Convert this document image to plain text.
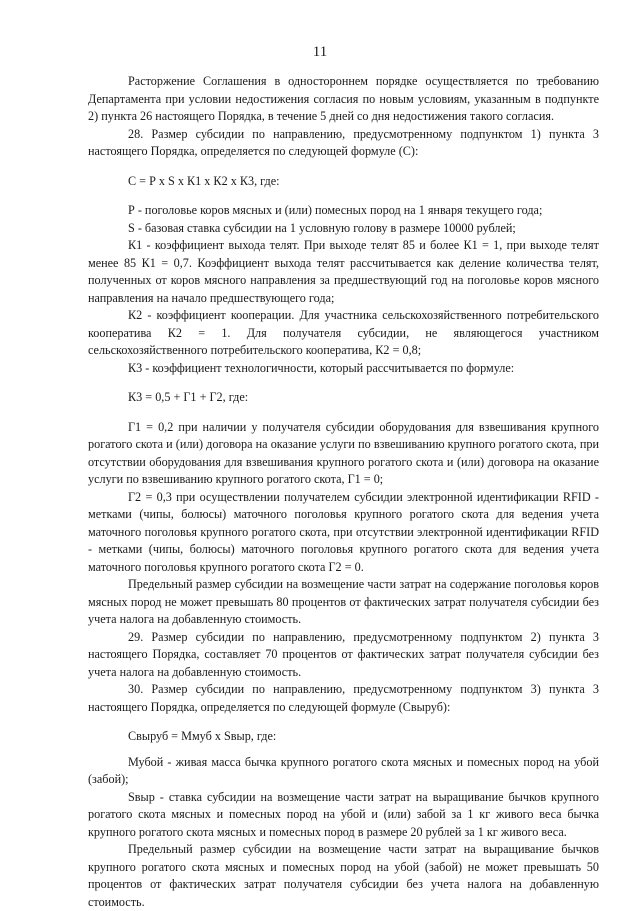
11

Расторжение Соглашения в одностороннем порядке осуществляется по требованию Департамента при условии недостижения согласия по новым условиям, указанным в подпункте 2) пункта 26 настоящего Порядка, в течение 5 дней со дня недостижения такого согласия.

28. Размер субсидии по направлению, предусмотренному подпунктом 1) пункта 3 настоящего Порядка, определяется по следующей формуле (С):

С = Р х S х К1 х К2 х К3, где:

Р - поголовье коров мясных и (или) помесных пород на 1 января текущего года;

S - базовая ставка субсидии на 1 условную голову в размере 10000 рублей;

К1 - коэффициент выхода телят. При выходе телят 85 и более К1 = 1, при выходе телят менее 85 К1 = 0,7. Коэффициент выхода телят рассчитывается как деление количества телят, полученных от коров мясного направления за предшествующий год на поголовье коров мясного направления на начало предшествующего года;

К2 - коэффициент кооперации. Для участника сельскохозяйственного потребительского кооператива К2 = 1. Для получателя субсидии, не являющегося участником сельскохозяйственного потребительского кооператива, К2 = 0,8;

К3 - коэффициент технологичности, который рассчитывается по формуле:

К3 = 0,5 + Г1 + Г2, где:

Г1 = 0,2 при наличии у получателя субсидии оборудования для взвешивания крупного рогатого скота и (или) договора на оказание услуги по взвешиванию крупного рогатого скота, при отсутствии оборудования для взвешивания крупного рогатого скота и (или) договора на оказание услуги по взвешиванию крупного рогатого скота, Г1 = 0;

Г2 = 0,3 при осуществлении получателем субсидии электронной идентификации RFID - метками (чипы, болюсы) маточного поголовья крупного рогатого скота для ведения учета маточного поголовья крупного рогатого скота, при отсутствии электронной идентификации RFID - метками (чипы, болюсы) маточного поголовья крупного рогатого скота для ведения учета маточного поголовья крупного рогатого скота Г2 = 0.

Предельный размер субсидии на возмещение части затрат на содержание поголовья коров мясных пород не может превышать 80 процентов от фактических затрат получателя субсидии без учета налога на добавленную стоимость.

29. Размер субсидии по направлению, предусмотренному подпунктом 2) пункта 3 настоящего Порядка, составляет 70 процентов от фактических затрат получателя субсидии без учета налога на добавленную стоимость.

30. Размер субсидии по направлению, предусмотренному подпунктом 3) пункта 3 настоящего Порядка, определяется по следующей формуле (Свыруб):

Свыруб = Ммуб х Sвыр, где:

Мубой - живая масса бычка крупного рогатого скота мясных и помесных пород на убой (забой);

Sвыр - ставка субсидии на возмещение части затрат на выращивание бычков крупного рогатого скота мясных и помесных пород на убой и (или) забой за 1 кг живого веса бычка крупного рогатого скота мясных и помесных пород в размере 20 рублей за 1 кг живого веса.

Предельный размер субсидии на возмещение части затрат на выращивание бычков крупного рогатого скота мясных и помесных пород на убой (забой) не может превышать 50 процентов от фактических затрат получателя субсидии без учета налога на добавленную стоимость.
